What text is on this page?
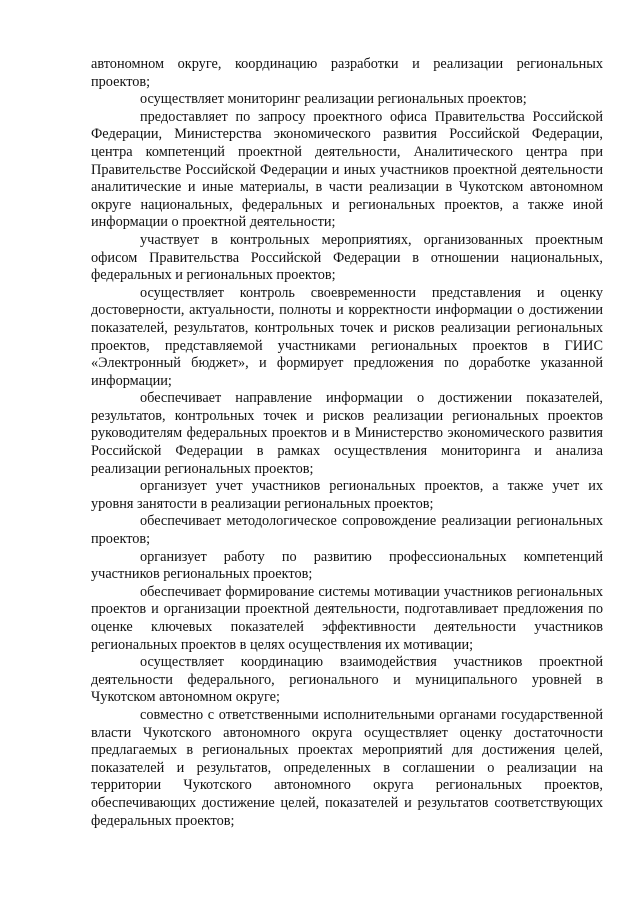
автономном округе, координацию разработки и реализации региональных проектов;

осуществляет мониторинг реализации региональных проектов;

предоставляет по запросу проектного офиса Правительства Российской Федерации, Министерства экономического развития Российской Федерации, центра компетенций проектной деятельности, Аналитического центра при Правительстве Российской Федерации и иных участников проектной деятельности аналитические и иные материалы, в части реализации в Чукотском автономном округе национальных, федеральных и региональных проектов, а также иной информации о проектной деятельности;

участвует в контрольных мероприятиях, организованных проектным офисом Правительства Российской Федерации в отношении национальных, федеральных и региональных проектов;

осуществляет контроль своевременности представления и оценку достоверности, актуальности, полноты и корректности информации о достижении показателей, результатов, контрольных точек и рисков реализации региональных проектов, представляемой участниками региональных проектов в ГИИС «Электронный бюджет», и формирует предложения по доработке указанной информации;

обеспечивает направление информации о достижении показателей, результатов, контрольных точек и рисков реализации региональных проектов руководителям федеральных проектов и в Министерство экономического развития Российской Федерации в рамках осуществления мониторинга и анализа реализации региональных проектов;

организует учет участников региональных проектов, а также учет их уровня занятости в реализации региональных проектов;

обеспечивает методологическое сопровождение реализации региональных проектов;

организует работу по развитию профессиональных компетенций участников региональных проектов;

обеспечивает формирование системы мотивации участников региональных проектов и организации проектной деятельности, подготавливает предложения по оценке ключевых показателей эффективности деятельности участников региональных проектов в целях осуществления их мотивации;

осуществляет координацию взаимодействия участников проектной деятельности федерального, регионального и муниципального уровней в Чукотском автономном округе;

совместно с ответственными исполнительными органами государственной власти Чукотского автономного округа осуществляет оценку достаточности предлагаемых в региональных проектах мероприятий для достижения целей, показателей и результатов, определенных в соглашении о реализации на территории Чукотского автономного округа региональных проектов, обеспечивающих достижение целей, показателей и результатов соответствующих федеральных проектов;
